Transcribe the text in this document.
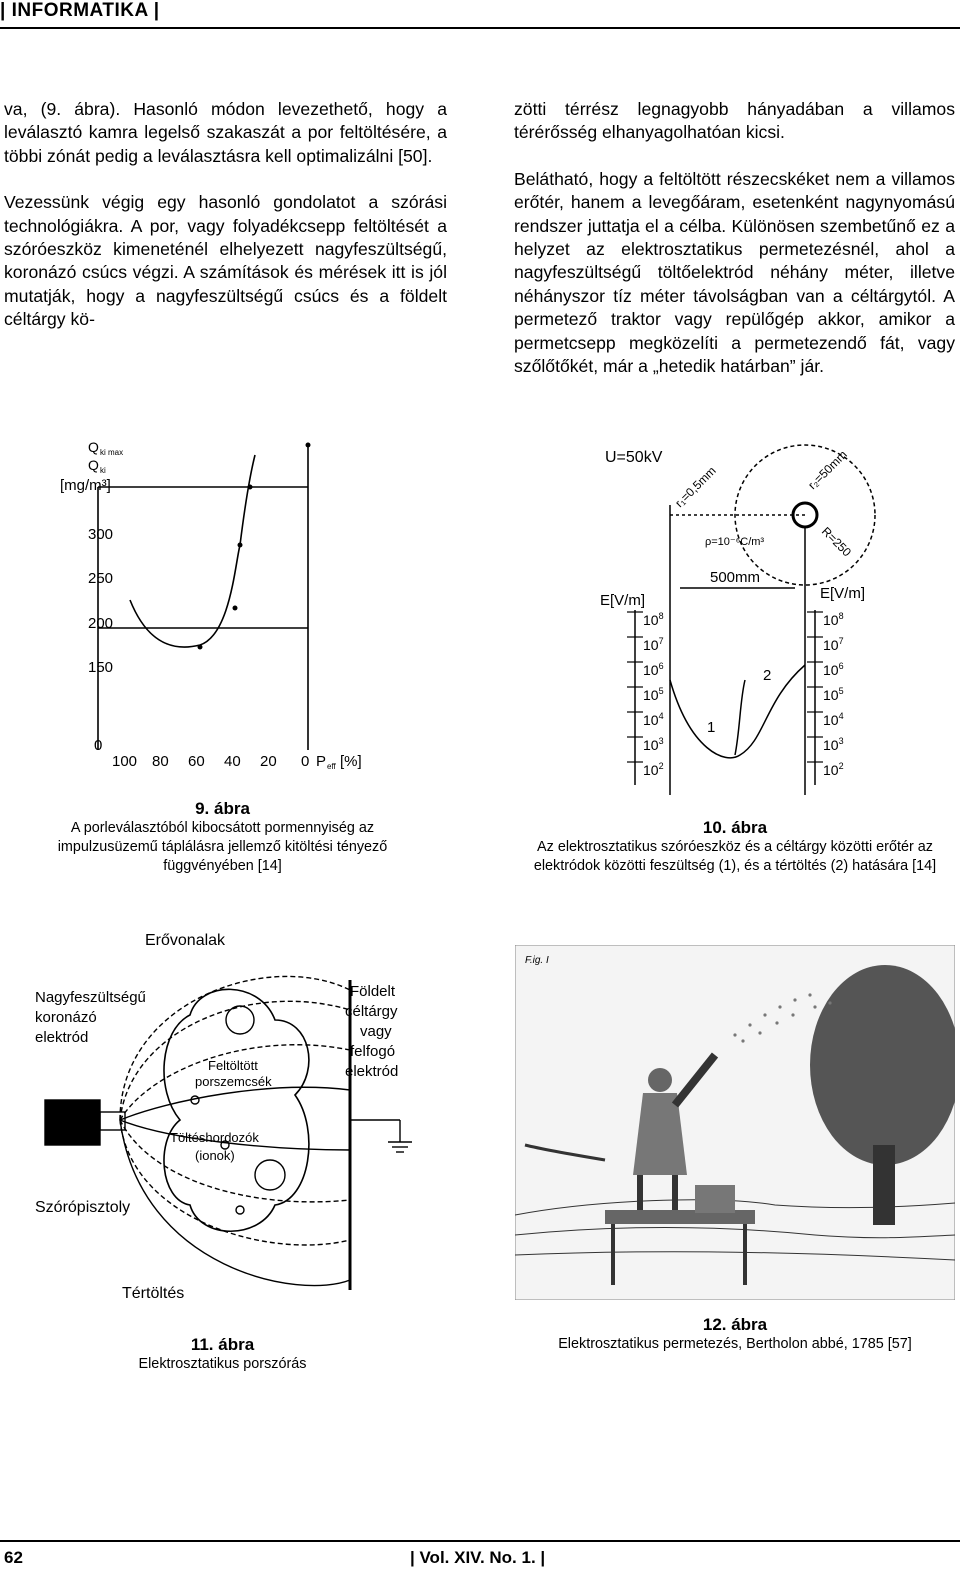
| INFORMATIKA |

va, (9. ábra). Hasonló módon levezethető, hogy a leválasztó kamra legelső szakaszát a por feltöltésére, a többi zónát pedig a leválasztásra kell optimalizálni [50].

Vezessünk végig egy hasonló gondolatot a szórási technológiákra. A por, vagy folyadékcsepp feltöltését a szóróeszköz kimeneténél elhelyezett nagyfeszültségű, koronázó csúcs végzi. A számítások és mérések itt is jól mutatják, hogy a nagyfeszültségű csúcs és a földelt céltárgy kö-

zötti térrész legnagyobb hányadában a villamos térérősség elhanyagolhatóan kicsi.

Belátható, hogy a feltöltött részecskéket nem a villamos erőtér, hanem a levegőáram, esetenként nagynyomású rendszer juttatja el a célba. Különösen szembetűnő ez a helyzet az elektrosztatikus permetezésnél, ahol a nagyfeszültségű töltőelektród néhány méter, illetve néhányszor tíz méter távolságban van a céltárgytól. A permetező traktor vagy repülőgép akkor, amikor a permetcsepp megközelíti a permetezendő fát, vagy szőlőtőkét, már a „hetedik határban” jár.

Q ki max
Q ki
[mg/m³]
300
250
200
150
0
100 80 60 40 20 0 P eff [%]
9. ábra
A porleválasztóból kibocsátott pormennyiség az impulzusüzemű táplálásra jellemző kitöltési tényező függvényében [14]
U=50kV
r₁=0,5mm	r₂=50mm
R=250
ρ=10⁻⁶C/m³
500mm
E[V/m]	E[V/m]
$10^8$
$10^7$
$10^6$
$10^5$
$10^4$
$10^3$
$10^2$
$10^8$
$10^7$
$10^6$
$10^5$
$10^4$
$10^3$
$10^2$
1
2
10. ábra
Az elektrosztatikus szóróeszköz és a céltárgy közötti erőtér az elektródok közötti feszültség (1), és a tértöltés (2) hatására [14]
Erővonalak
Nagyfeszültségű
koronázó
elektród
Földelt
céltárgy
vagy
felfogó
elektród
Feltöltött
porszemcsék
Töltéshordozók
(ionok)
Szórópisztoly
Tértöltés
11. ábra
Elektrosztatikus porszórás
F.ig. I
12. ábra
Elektrosztatikus permetezés, Bertholon abbé, 1785 [57]
62	| Vol. XIV. No. 1. |
